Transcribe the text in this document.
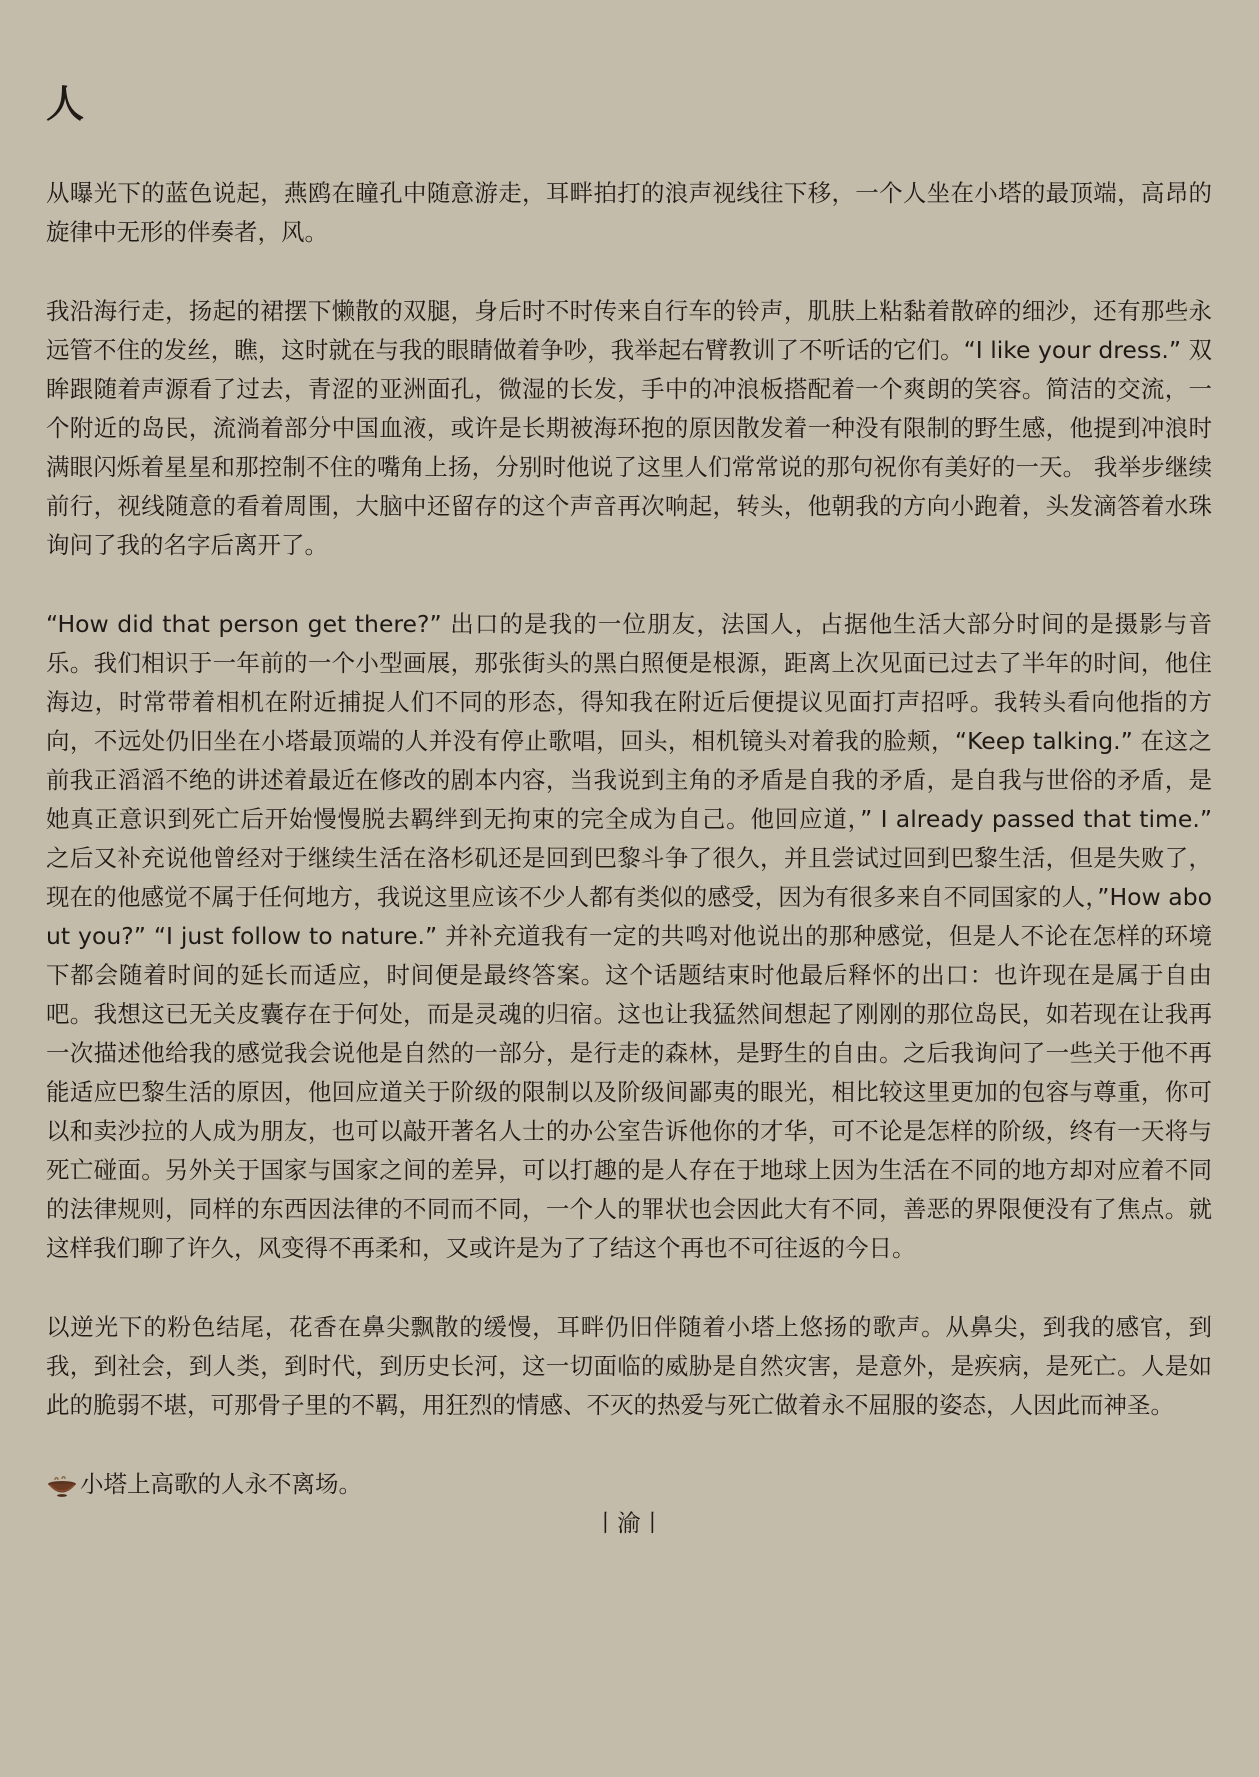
人

从曝光下的蓝色说起，燕鸥在瞳孔中随意游走，耳畔拍打的浪声视线往下移，一个人坐在小塔的最顶端，高昂的旋律中无形的伴奏者，风。

我沿海行走，扬起的裙摆下懒散的双腿，身后时不时传来自行车的铃声，肌肤上粘黏着散碎的细沙，还有那些永远管不住的发丝，瞧，这时就在与我的眼睛做着争吵，我举起右臂教训了不听话的它们。“I like your dress.” 双眸跟随着声源看了过去，青涩的亚洲面孔，微湿的长发，手中的冲浪板搭配着一个爽朗的笑容。简洁的交流，一个附近的岛民，流淌着部分中国血液，或许是长期被海环抱的原因散发着一种没有限制的野生感，他提到冲浪时满眼闪烁着星星和那控制不住的嘴角上扬，分别时他说了这里人们常常说的那句祝你有美好的一天。 我举步继续前行，视线随意的看着周围，大脑中还留存的这个声音再次响起，转头，他朝我的方向小跑着，头发滴答着水珠询问了我的名字后离开了。

“How did that person get there?” 出口的是我的一位朋友，法国人，占据他生活大部分时间的是摄影与音乐。我们相识于一年前的一个小型画展，那张街头的黑白照便是根源，距离上次见面已过去了半年的时间，他住海边，时常带着相机在附近捕捉人们不同的形态，得知我在附近后便提议见面打声招呼。我转头看向他指的方向，不远处仍旧坐在小塔最顶端的人并没有停止歌唱，回头，相机镜头对着我的脸颊，“Keep talking.” 在这之前我正滔滔不绝的讲述着最近在修改的剧本内容，当我说到主角的矛盾是自我的矛盾，是自我与世俗的矛盾，是她真正意识到死亡后开始慢慢脱去羁绊到无拘束的完全成为自己。他回应道，” I already passed that time.” 之后又补充说他曾经对于继续生活在洛杉矶还是回到巴黎斗争了很久，并且尝试过回到巴黎生活，但是失败了，现在的他感觉不属于任何地方，我说这里应该不少人都有类似的感受，因为有很多来自不同国家的人，”How about you?” “I just follow to nature.” 并补充道我有一定的共鸣对他说出的那种感觉，但是人不论在怎样的环境下都会随着时间的延长而适应，时间便是最终答案。这个话题结束时他最后释怀的出口：也许现在是属于自由吧。我想这已无关皮囊存在于何处，而是灵魂的归宿。这也让我猛然间想起了刚刚的那位岛民，如若现在让我再一次描述他给我的感觉我会说他是自然的一部分，是行走的森林，是野生的自由。之后我询问了一些关于他不再能适应巴黎生活的原因，他回应道关于阶级的限制以及阶级间鄙夷的眼光，相比较这里更加的包容与尊重，你可以和卖沙拉的人成为朋友，也可以敲开著名人士的办公室告诉他你的才华，可不论是怎样的阶级，终有一天将与死亡碰面。另外关于国家与国家之间的差异，可以打趣的是人存在于地球上因为生活在不同的地方却对应着不同的法律规则，同样的东西因法律的不同而不同，一个人的罪状也会因此大有不同，善恶的界限便没有了焦点。就这样我们聊了许久，风变得不再柔和，又或许是为了了结这个再也不可往返的今日。

以逆光下的粉色结尾，花香在鼻尖飘散的缓慢，耳畔仍旧伴随着小塔上悠扬的歌声。从鼻尖，到我的感官，到我，到社会，到人类，到时代，到历史长河，这一切面临的威胁是自然灾害，是意外，是疾病，是死亡。人是如此的脆弱不堪，可那骨子里的不羁，用狂烈的情感、不灭的热爱与死亡做着永不屈服的姿态，人因此而神圣。

小塔上高歌的人永不离场。

丨渝丨
